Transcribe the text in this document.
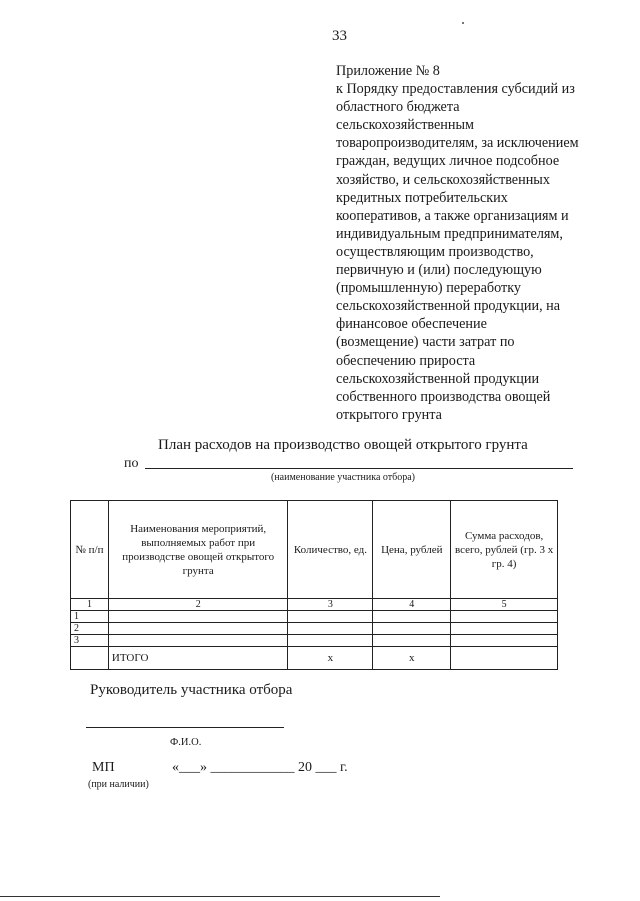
33
Приложение № 8
к Порядку предоставления субсидий из
областного бюджета
сельскохозяйственным
товаропроизводителям, за исключением
граждан, ведущих личное подсобное
хозяйство, и сельскохозяйственных
кредитных потребительских
кооперативов, а также организациям и
индивидуальным предпринимателям,
осуществляющим производство,
первичную и (или) последующую
(промышленную) переработку
сельскохозяйственной продукции, на
финансовое обеспечение
(возмещение) части затрат по
обеспечению прироста
сельскохозяйственной продукции
собственного производства овощей
открытого грунта
План расходов на производство овощей открытого грунта
по
(наименование участника отбора)
№ п/п	Наименования мероприятий, выполняемых работ при производстве овощей открытого грунта	Количество, ед.	Цена, рублей	Сумма расходов, всего, рублей (гр. 3 х гр. 4)
1	2	3	4	5
1				
2				
3				
	ИТОГО	х	х	
Руководитель участника отбора
Ф.И.О.
МП	«___» ____________ 20 ___ г.
(при наличии)
